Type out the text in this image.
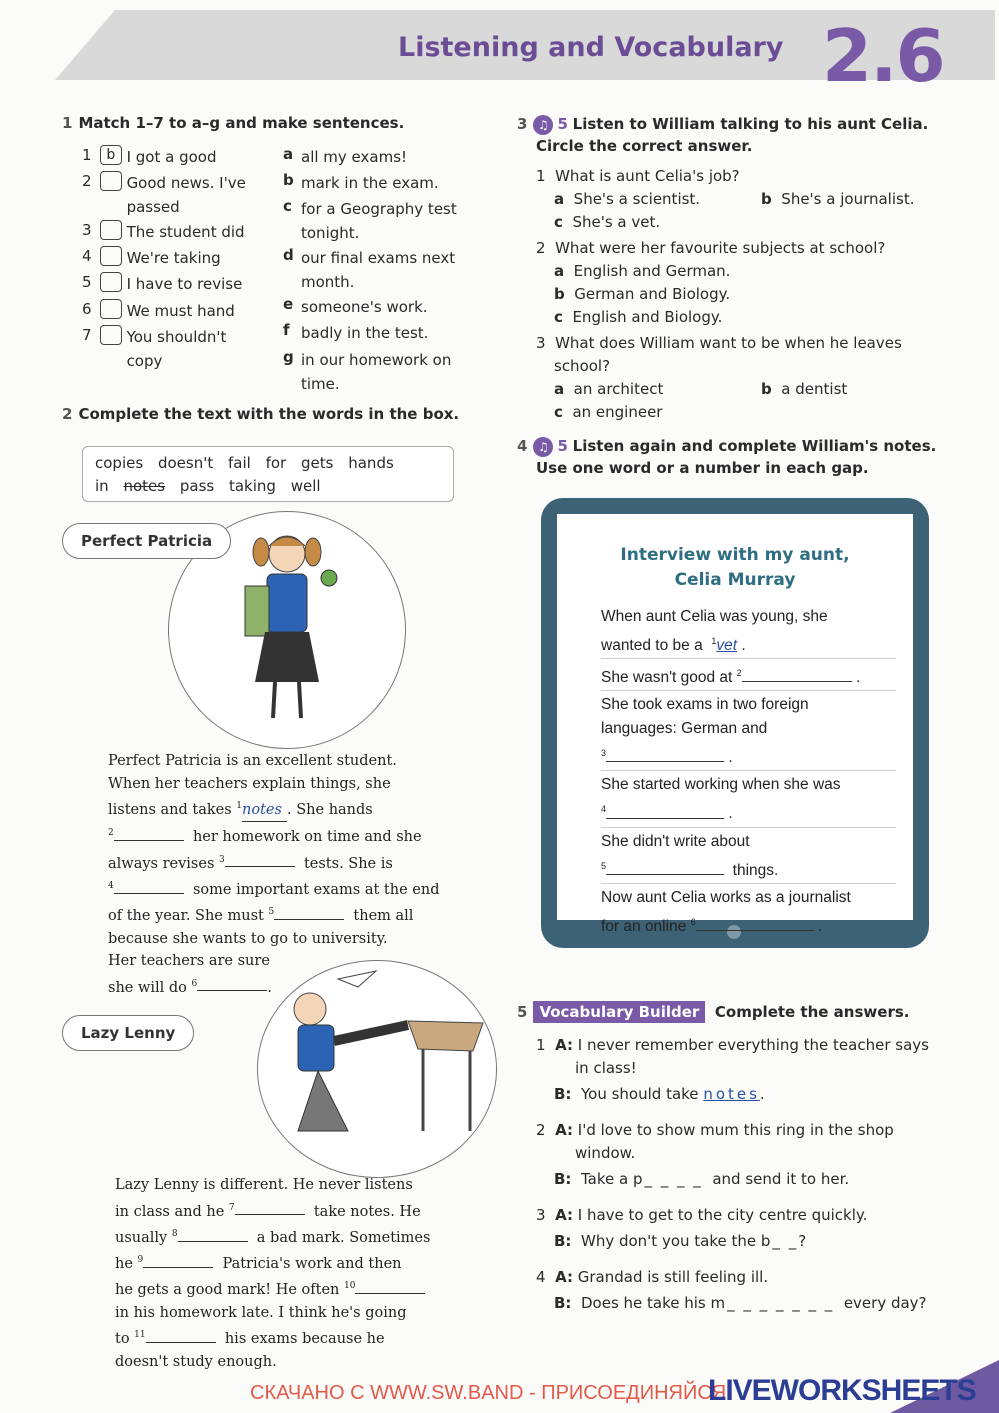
Listening and Vocabulary 2.6
1 Match 1–7 to a–g and make sentences.
1 b I got a good
2 Good news. I've passed
3 The student did
4 We're taking
5 I have to revise
6 We must hand
7 You shouldn't copy
a all my exams!
b mark in the exam.
c for a Geography test tonight.
d our final exams next month.
e someone's work.
f badly in the test.
g in our homework on time.
2 Complete the text with the words in the box.
copies doesn't fail for gets hands
in notes pass taking well
Perfect Patricia
Perfect Patricia is an excellent student.
When her teachers explain things, she
listens and takes $^1$notes . She hands
$^2$	her homework on time and she
always revises $^3$	tests. She is
$^4$	some important exams at the end
of the year. She must $^5$	them all
because she wants to go to university.
Her teachers are sure
she will do $^6$	.
Lazy Lenny
Lazy Lenny is different. He never listens
in class and he $^7$	take notes. He
usually $^8$	a bad mark. Sometimes
he $^9$	Patricia's work and then
he gets a good mark! He often $^{10}$
in his homework late. I think he's going
to $^{11}$	his exams because he
doesn't study enough.
3 ♫ 5 Listen to William talking to his aunt Celia.
Circle the correct answer.
1  What is aunt Celia's job?
a She's a scientist.	b She's a journalist.
c She's a vet.
2  What were her favourite subjects at school?
a English and German.
b German and Biology.
c English and Biology.
3  What does William want to be when he leaves
school?
a an architect	b a dentist
c an engineer
4 ♫ 5 Listen again and complete William's notes.
Use one word or a number in each gap.
Interview with my aunt,
Celia Murray
When aunt Celia was young, she
wanted to be a $^1$vet .
She wasn't good at $^2$	.
She took exams in two foreign
languages: German and
$^3$	.
She started working when she was
$^4$	.
She didn't write about
$^5$	things.
Now aunt Celia works as a journalist
for an online $^6$	.
5 Vocabulary Builder Complete the answers.
1  A: I never remember everything the teacher says
in class!
B: You should take notes.
2  A: I'd love to show mum this ring in the shop
window.
B: Take a p_ _ _ _ and send it to her.
3  A: I have to get to the city centre quickly.
B: Why don't you take the b_ _?
4  A: Grandad is still feeling ill.
B: Does he take his m_ _ _ _ _ _ _ every day?
СКАЧАНО С WWW.SW.BAND - ПРИСОЕДИНЯЙСЯ
LIVEWORKSHEETS
